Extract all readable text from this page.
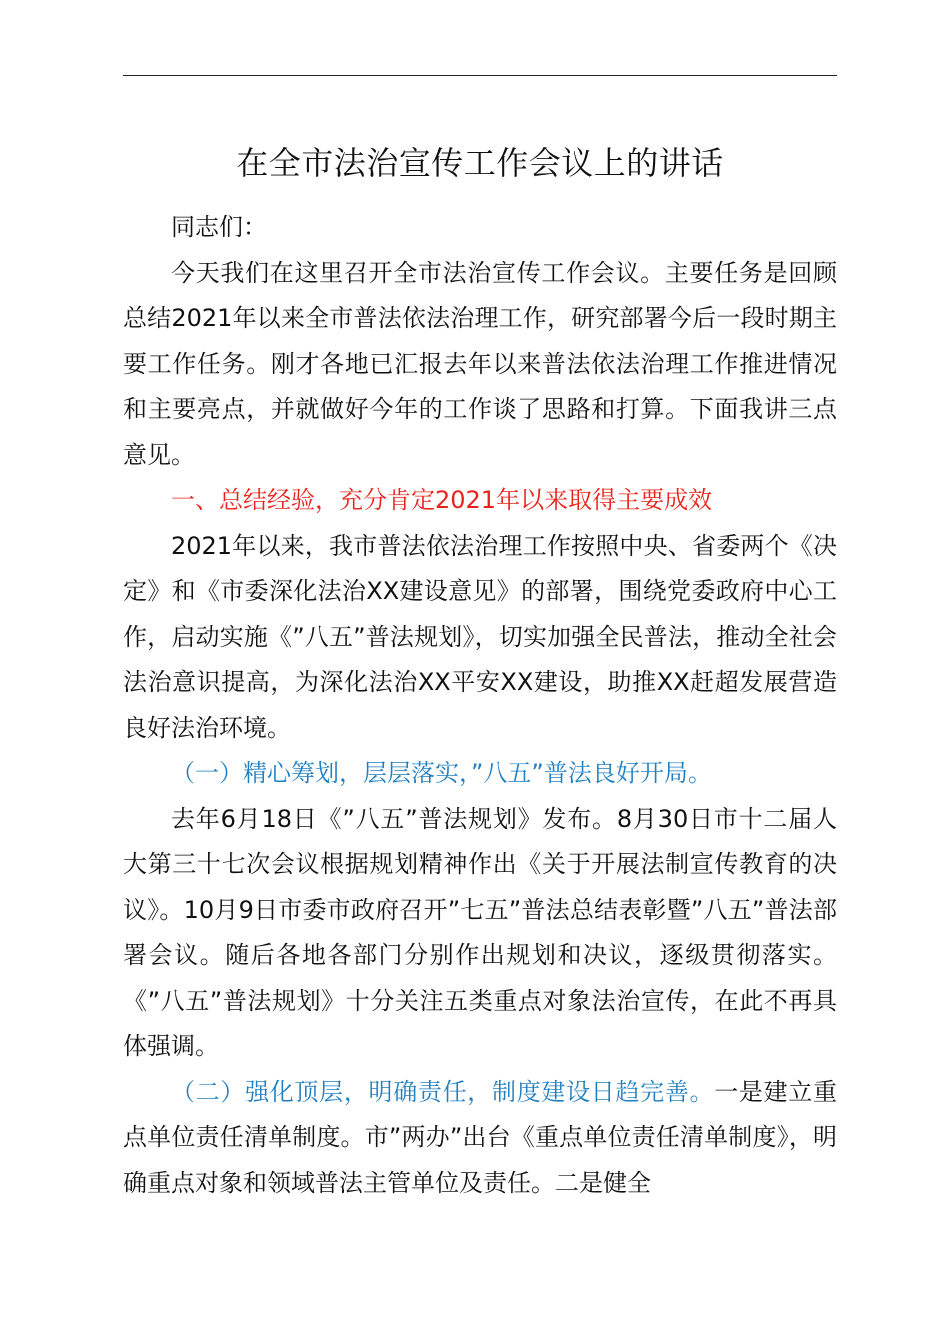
在全市法治宣传工作会议上的讲话

同志们：

今天我们在这里召开全市法治宣传工作会议。主要任务是回顾总结2021年以来全市普法依法治理工作，研究部署今后一段时期主要工作任务。刚才各地已汇报去年以来普法依法治理工作推进情况和主要亮点，并就做好今年的工作谈了思路和打算。下面我讲三点意见。

一、总结经验，充分肯定2021年以来取得主要成效

2021年以来，我市普法依法治理工作按照中央、省委两个《决定》和《市委深化法治XX建设意见》的部署，围绕党委政府中心工作，启动实施《”八五”普法规划》，切实加强全民普法，推动全社会法治意识提高，为深化法治XX平安XX建设，助推XX赶超发展营造良好法治环境。

（一）精心筹划，层层落实，”八五”普法良好开局。

去年6月18日《”八五”普法规划》发布。8月30日市十二届人大第三十七次会议根据规划精神作出《关于开展法制宣传教育的决议》。10月9日市委市政府召开”七五”普法总结表彰暨”八五”普法部署会议。随后各地各部门分别作出规划和决议，逐级贯彻落实。《”八五”普法规划》十分关注五类重点对象法治宣传，在此不再具体强调。

（二）强化顶层，明确责任，制度建设日趋完善。一是建立重点单位责任清单制度。市”两办”出台《重点单位责任清单制度》，明确重点对象和领域普法主管单位及责任。二是健全
